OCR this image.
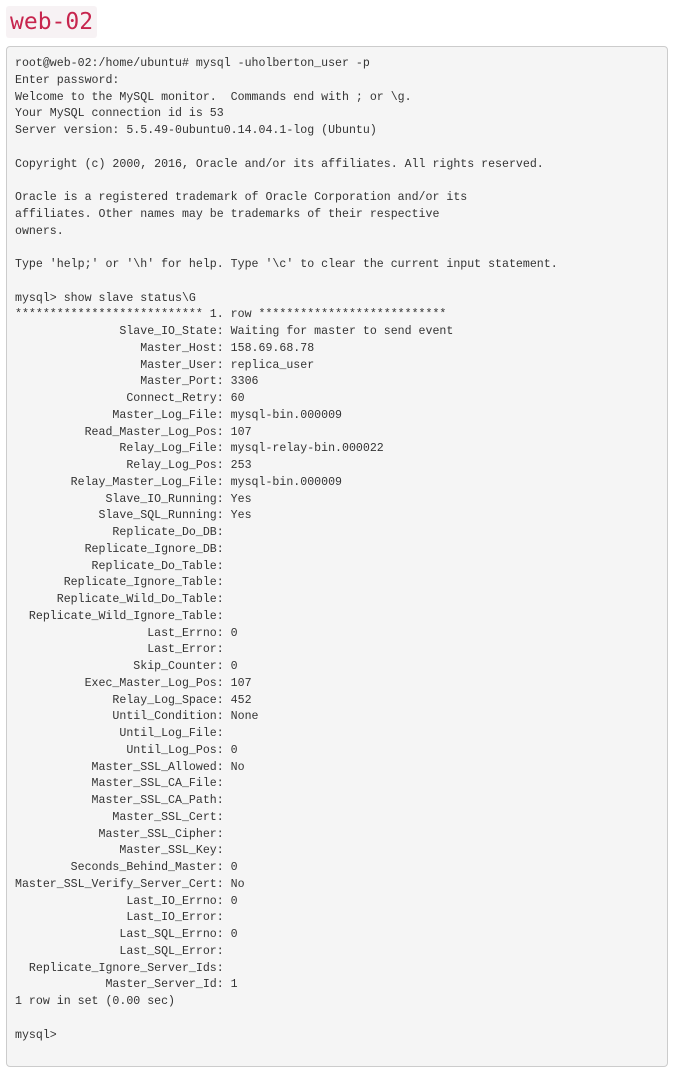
web-02
root@web-02:/home/ubuntu# mysql -uholberton_user -p
Enter password:
Welcome to the MySQL monitor.  Commands end with ; or \g.
Your MySQL connection id is 53
Server version: 5.5.49-0ubuntu0.14.04.1-log (Ubuntu)
Copyright (c) 2000, 2016, Oracle and/or its affiliates. All rights reserved.
Oracle is a registered trademark of Oracle Corporation and/or its
affiliates. Other names may be trademarks of their respective
owners.
Type 'help;' or '\h' for help. Type '\c' to clear the current input statement.
mysql> show slave status\G
*************************** 1. row ***************************
Slave_IO_State: Waiting for master to send event
Master_Host: 158.69.68.78
Master_User: replica_user
Master_Port: 3306
Connect_Retry: 60
Master_Log_File: mysql-bin.000009
Read_Master_Log_Pos: 107
Relay_Log_File: mysql-relay-bin.000022
Relay_Log_Pos: 253
Relay_Master_Log_File: mysql-bin.000009
Slave_IO_Running: Yes
Slave_SQL_Running: Yes
Replicate_Do_DB:
Replicate_Ignore_DB:
Replicate_Do_Table:
Replicate_Ignore_Table:
Replicate_Wild_Do_Table:
Replicate_Wild_Ignore_Table:
Last_Errno: 0
Last_Error:
Skip_Counter: 0
Exec_Master_Log_Pos: 107
Relay_Log_Space: 452
Until_Condition: None
Until_Log_File:
Until_Log_Pos: 0
Master_SSL_Allowed: No
Master_SSL_CA_File:
Master_SSL_CA_Path:
Master_SSL_Cert:
Master_SSL_Cipher:
Master_SSL_Key:
Seconds_Behind_Master: 0
Master_SSL_Verify_Server_Cert: No
Last_IO_Errno: 0
Last_IO_Error:
Last_SQL_Errno: 0
Last_SQL_Error:
Replicate_Ignore_Server_Ids:
Master_Server_Id: 1
1 row in set (0.00 sec)
mysql>
